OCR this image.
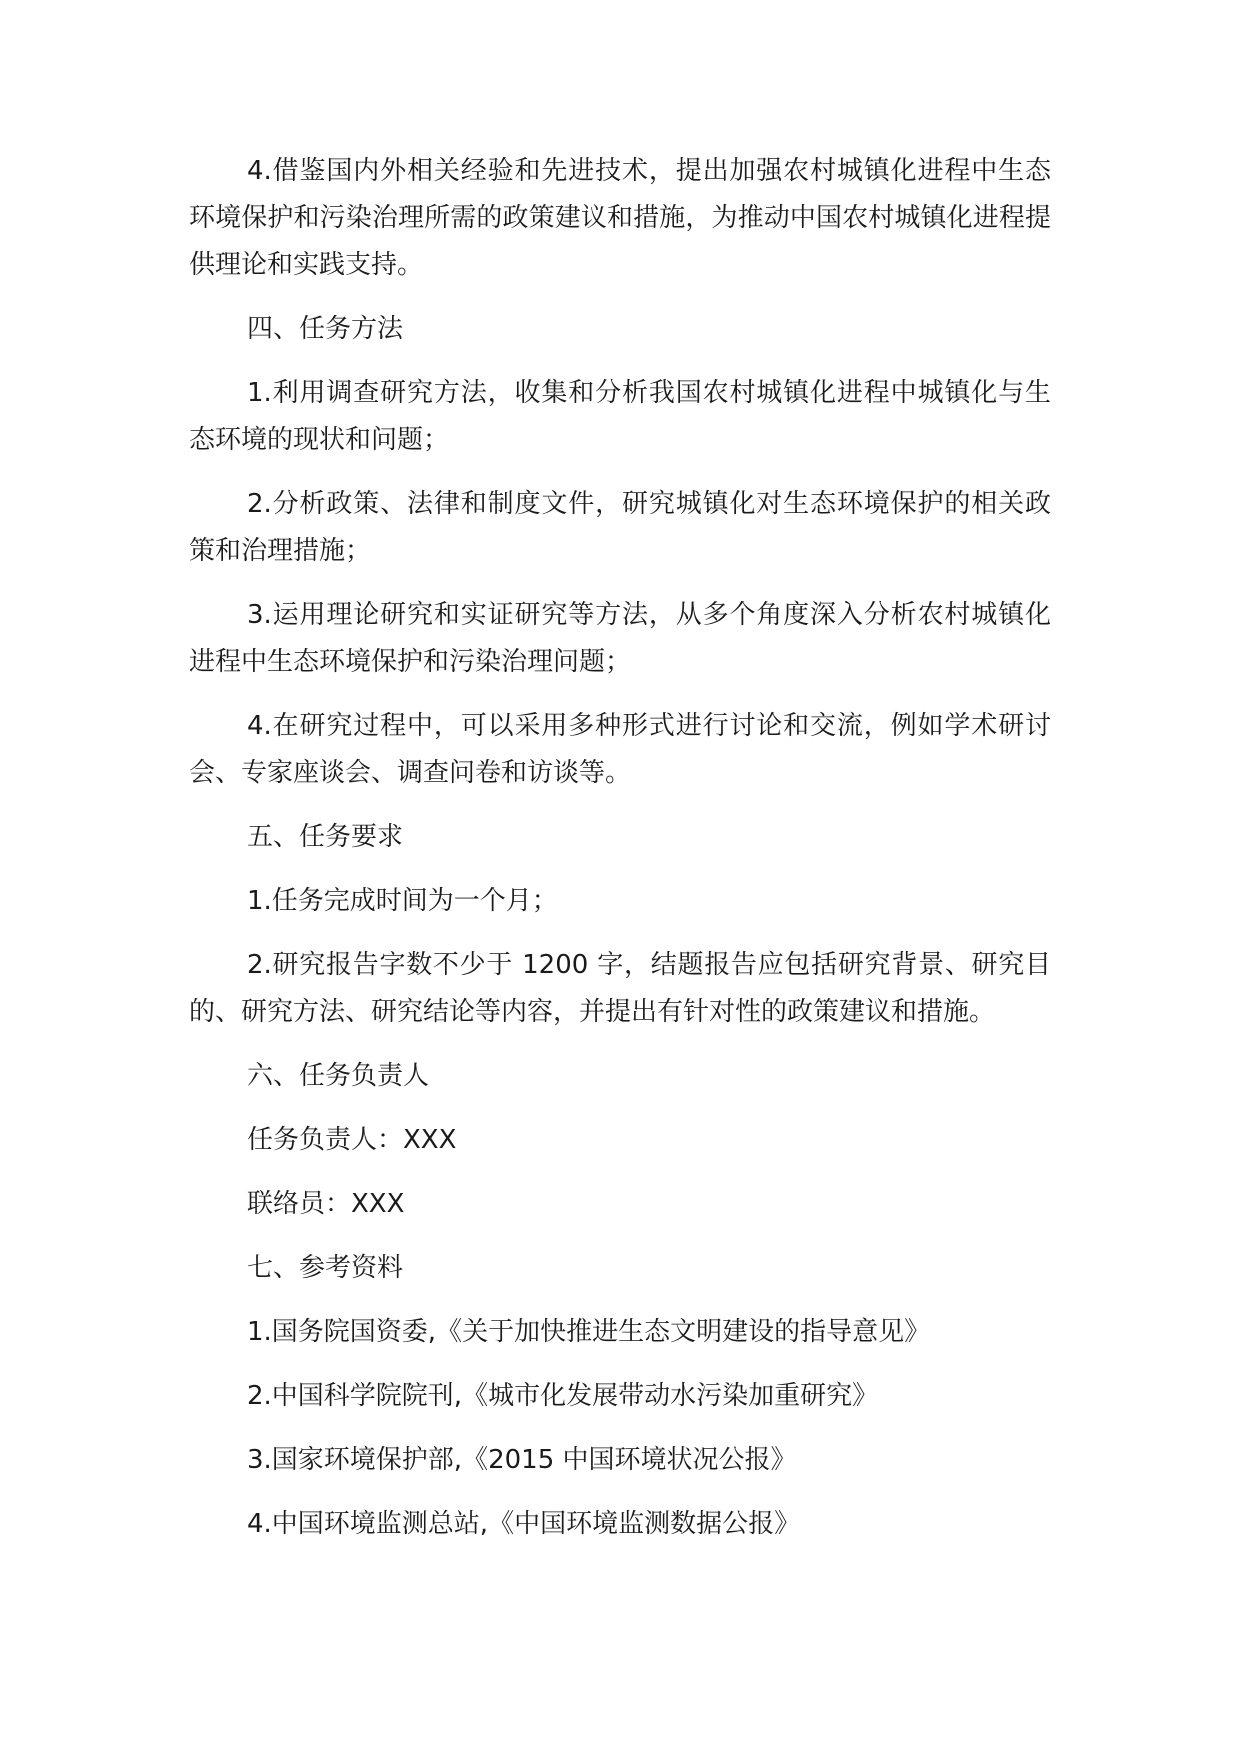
4.借鉴国内外相关经验和先进技术，提出加强农村城镇化进程中生态环境保护和污染治理所需的政策建议和措施，为推动中国农村城镇化进程提供理论和实践支持。

四、任务方法

1.利用调查研究方法，收集和分析我国农村城镇化进程中城镇化与生态环境的现状和问题；

2.分析政策、法律和制度文件，研究城镇化对生态环境保护的相关政策和治理措施；

3.运用理论研究和实证研究等方法，从多个角度深入分析农村城镇化进程中生态环境保护和污染治理问题；

4.在研究过程中，可以采用多种形式进行讨论和交流，例如学术研讨会、专家座谈会、调查问卷和访谈等。

五、任务要求

1.任务完成时间为一个月；

2.研究报告字数不少于 1200 字，结题报告应包括研究背景、研究目的、研究方法、研究结论等内容，并提出有针对性的政策建议和措施。

六、任务负责人

任务负责人：XXX

联络员：XXX

七、参考资料

1.国务院国资委,《关于加快推进生态文明建设的指导意见》

2.中国科学院院刊,《城市化发展带动水污染加重研究》

3.国家环境保护部,《2015 中国环境状况公报》

4.中国环境监测总站,《中国环境监测数据公报》
